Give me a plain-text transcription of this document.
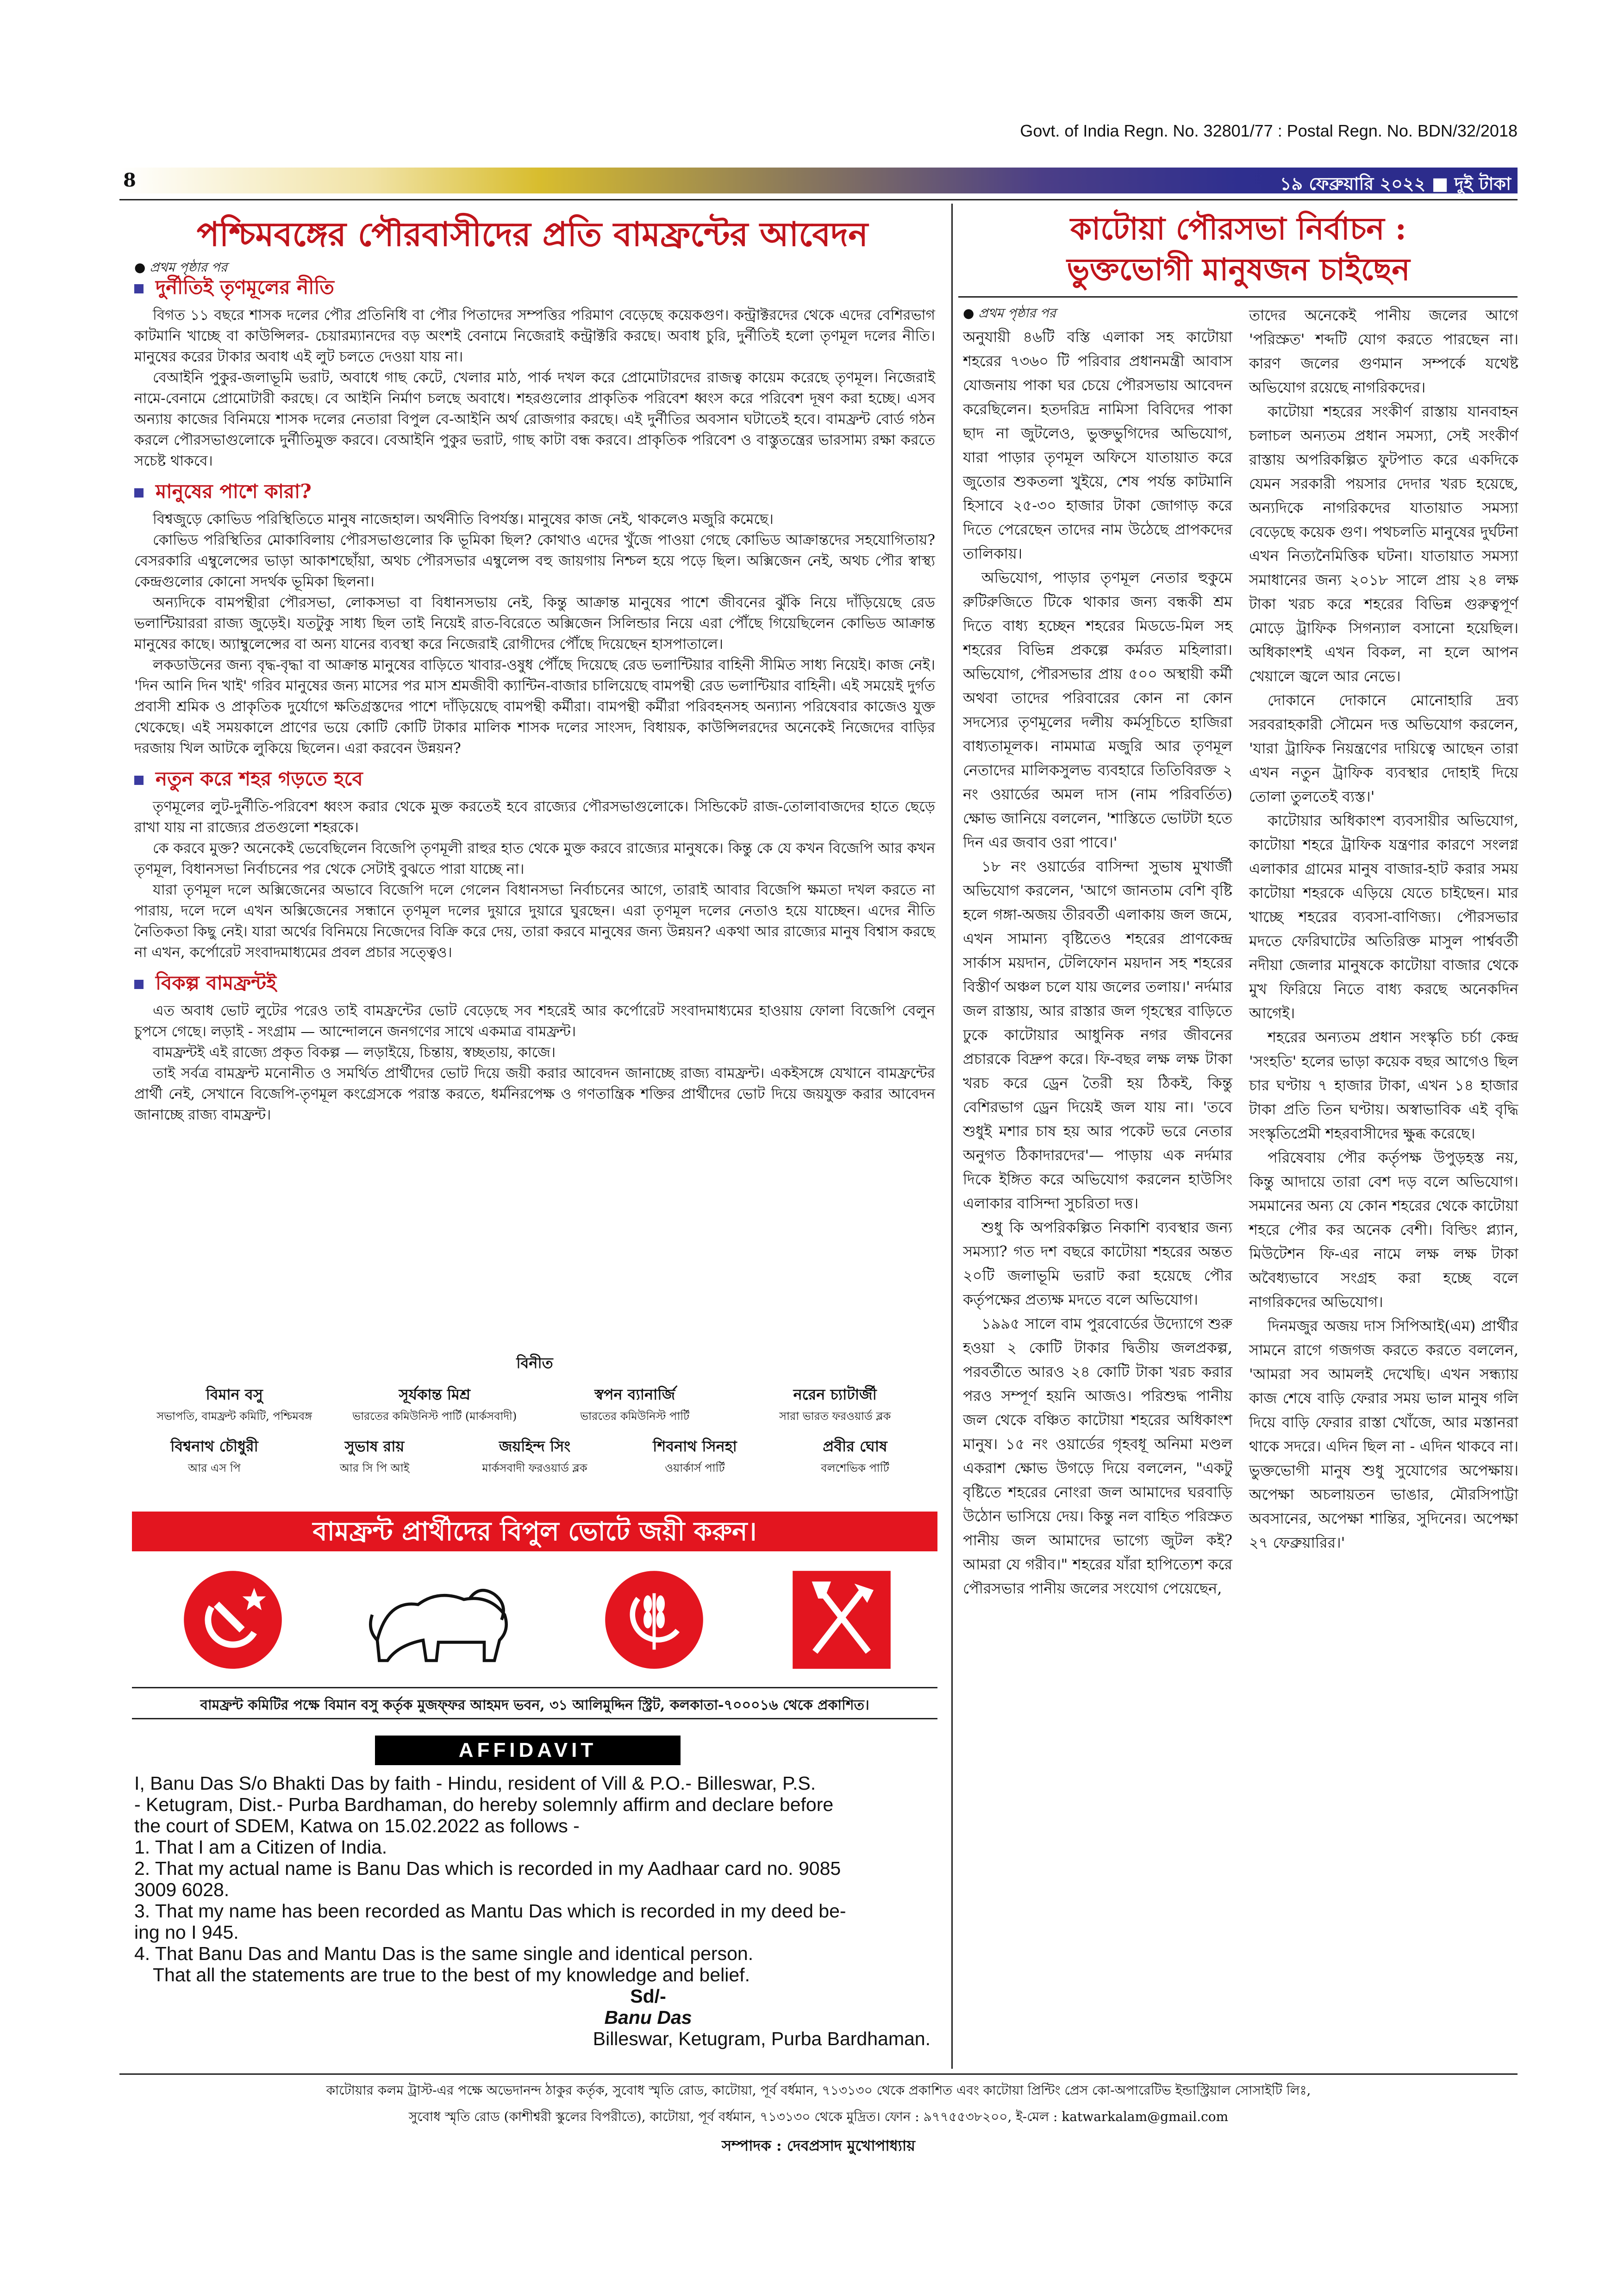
Govt. of India Regn. No. 32801/77 : Postal Regn. No. BDN/32/2018
8	১৯ ফেব্রুয়ারি ২০২২ ■ দুই টাকা
পশ্চিমবঙ্গের পৌরবাসীদের প্রতি বামফ্রন্টের আবেদন
● প্রথম পৃষ্ঠার পর
দুর্নীতিই তৃণমূলের নীতি
বিগত ১১ বছরে শাসক দলের পৌর প্রতিনিধি বা পৌর পিতাদের সম্পত্তির পরিমাণ বেড়েছে কয়েকগুণ। কন্ট্রাক্টরদের থেকে এদের বেশিরভাগ কাটমানি খাচ্ছে বা কাউন্সিলর- চেয়ারম্যানদের বড় অংশই বেনামে নিজেরাই কন্ট্রাক্টরি করছে। অবাধ চুরি, দুর্নীতিই হলো তৃণমূল দলের নীতি। মানুষের করের টাকার অবাধ এই লুট চলতে দেওয়া যায় না।
বেআইনি পুকুর-জলাভূমি ভরাট, অবাধে গাছ কেটে, খেলার মাঠ, পার্ক দখল করে প্রোমোটারদের রাজত্ব কায়েম করেছে তৃণমূল। নিজেরাই নামে-বেনামে প্রোমোটারী করছে। বে আইনি নির্মাণ চলছে অবাধে। শহরগুলোর প্রাকৃতিক পরিবেশ ধ্বংস করে পরিবেশ দূষণ করা হচ্ছে। এসব অন্যায় কাজের বিনিময়ে শাসক দলের নেতারা বিপুল বে-আইনি অর্থ রোজগার করছে। এই দুর্নীতির অবসান ঘটাতেই হবে। বামফ্রন্ট বোর্ড গঠন করলে পৌরসভাগুলোকে দুর্নীতিমুক্ত করবে। বেআইনি পুকুর ভরাট, গাছ কাটা বন্ধ করবে। প্রাকৃতিক পরিবেশ ও বাস্তুতন্ত্রের ভারসাম্য রক্ষা করতে সচেষ্ট থাকবে।
মানুষের পাশে কারা?
বিশ্বজুড়ে কোভিড পরিস্থিতিতে মানুষ নাজেহাল। অর্থনীতি বিপর্যস্ত। মানুষের কাজ নেই, থাকলেও মজুরি কমেছে।
কোভিড পরিস্থিতির মোকাবিলায় পৌরসভাগুলোর কি ভূমিকা ছিল? কোথাও এদের খুঁজে পাওয়া গেছে কোভিড আক্রান্তদের সহযোগিতায়? বেসরকারি এম্বুলেন্সের ভাড়া আকাশছোঁয়া, অথচ পৌরসভার এম্বুলেন্স বহু জায়গায় নিশ্চল হয়ে পড়ে ছিল। অক্সিজেন নেই, অথচ পৌর স্বাস্থ্য কেন্দ্রগুলোর কোনো সদর্থক ভূমিকা ছিলনা।
অন্যদিকে বামপন্থীরা পৌরসভা, লোকসভা বা বিধানসভায় নেই, কিন্তু আক্রান্ত মানুষের পাশে জীবনের ঝুঁকি নিয়ে দাঁড়িয়েছে রেড ভলান্টিয়াররা রাজ্য জুড়েই। যতটুকু সাধ্য ছিল তাই নিয়েই রাত-বিরেতে অক্সিজেন সিলিন্ডার নিয়ে এরা পৌঁছে গিয়েছিলেন কোভিড আক্রান্ত মানুষের কাছে। অ্যাম্বুলেন্সের বা অন্য যানের ব্যবস্থা করে নিজেরাই রোগীদের পৌঁছে দিয়েছেন হাসপাতালে।
লকডাউনের জন্য বৃদ্ধ-বৃদ্ধা বা আক্রান্ত মানুষের বাড়িতে খাবার-ওষুধ পৌঁছে দিয়েছে রেড ভলান্টিয়ার বাহিনী সীমিত সাধ্য নিয়েই। কাজ নেই। 'দিন আনি দিন খাই' গরিব মানুষের জন্য মাসের পর মাস শ্রমজীবী ক্যান্টিন-বাজার চালিয়েছে বামপন্থী রেড ভলান্টিয়ার বাহিনী। এই সময়েই দুর্গত প্রবাসী শ্রমিক ও প্রাকৃতিক দুর্যোগে ক্ষতিগ্রস্তদের পাশে দাঁড়িয়েছে বামপন্থী কর্মীরা। বামপন্থী কর্মীরা পরিবহনসহ অন্যান্য পরিষেবার কাজেও যুক্ত থেকেছে। এই সময়কালে প্রাণের ভয়ে কোটি কোটি টাকার মালিক শাসক দলের সাংসদ, বিধায়ক, কাউন্সিলরদের অনেকেই নিজেদের বাড়ির দরজায় খিল আটকে লুকিয়ে ছিলেন। এরা করবেন উন্নয়ন?
নতুন করে শহর গড়তে হবে
তৃণমূলের লুট-দুর্নীতি-পরিবেশ ধ্বংস করার থেকে মুক্ত করতেই হবে রাজ্যের পৌরসভাগুলোকে। সিন্ডিকেট রাজ-তোলাবাজদের হাতে ছেড়ে রাখা যায় না রাজ্যের প্রতগুলো শহরকে।
কে করবে মুক্ত? অনেকেই ভেবেছিলেন বিজেপি তৃণমূলী রাহুর হাত থেকে মুক্ত করবে রাজ্যের মানুষকে। কিন্তু কে যে কখন বিজেপি আর কখন তৃণমূল, বিধানসভা নির্বাচনের পর থেকে সেটাই বুঝতে পারা যাচ্ছে না।
যারা তৃণমূল দলে অক্সিজেনের অভাবে বিজেপি দলে গেলেন বিধানসভা নির্বাচনের আগে, তারাই আবার বিজেপি ক্ষমতা দখল করতে না পারায়, দলে দলে এখন অক্সিজেনের সন্ধানে তৃণমূল দলের দুয়ারে দুয়ারে ঘুরছেন। এরা তৃণমূল দলের নেতাও হয়ে যাচ্ছেন। এদের নীতি নৈতিকতা কিছু নেই। যারা অর্থের বিনিময়ে নিজেদের বিক্রি করে দেয়, তারা করবে মানুষের জন্য উন্নয়ন? একথা আর রাজ্যের মানুষ বিশ্বাস করছে না এখন, কর্পোরেট সংবাদমাধ্যমের প্রবল প্রচার সত্ত্বেও।
বিকল্প বামফ্রন্টই
এত অবাধ ভোট লুটের পরেও তাই বামফ্রন্টের ভোট বেড়েছে সব শহরেই আর কর্পোরেট সংবাদমাধ্যমের হাওয়ায় ফোলা বিজেপি বেলুন চুপসে গেছে। লড়াই - সংগ্রাম — আন্দোলনে জনগণের সাথে একমাত্র বামফ্রন্ট।
বামফ্রন্টই এই রাজ্যে প্রকৃত বিকল্প — লড়াইয়ে, চিন্তায়, স্বচ্ছতায়, কাজে।
তাই সর্বত্র বামফ্রন্ট মনোনীত ও সমর্থিত প্রার্থীদের ভোট দিয়ে জয়ী করার আবেদন জানাচ্ছে রাজ্য বামফ্রন্ট। একইসঙ্গে যেখানে বামফ্রন্টের প্রার্থী নেই, সেখানে বিজেপি-তৃণমূল কংগ্রেসকে পরাস্ত করতে, ধর্মনিরপেক্ষ ও গণতান্ত্রিক শক্তির প্রার্থীদের ভোট দিয়ে জয়যুক্ত করার আবেদন জানাচ্ছে রাজ্য বামফ্রন্ট।
বিনীত
বিমান বসু
সভাপতি, বামফ্রন্ট কমিটি, পশ্চিমবঙ্গ
সূর্যকান্ত মিশ্র
ভারতের কমিউনিস্ট পার্টি (মার্কসবাদী)
স্বপন ব্যানার্জি
ভারতের কমিউনিস্ট পার্টি
নরেন চ্যাটার্জী
সারা ভারত ফরওয়ার্ড ব্লক
বিশ্বনাথ চৌধুরী
আর এস পি
সুভাষ রায়
আর সি পি আই
জয়হিন্দ সিং
মার্কসবাদী ফরওয়ার্ড ব্লক
শিবনাথ সিনহা
ওয়ার্কার্স পার্টি
প্রবীর ঘোষ
বলশেভিক পার্টি
বামফ্রন্ট প্রার্থীদের বিপুল ভোটে জয়ী করুন।
বামফ্রন্ট কমিটির পক্ষে বিমান বসু কর্তৃক মুজফ্ফর আহমদ ভবন, ৩১ আলিমুদ্দিন স্ট্রিট, কলকাতা-৭০০০১৬ থেকে প্রকাশিত।
AFFIDAVIT
I, Banu Das S/o Bhakti Das by faith - Hindu, resident of Vill & P.O.- Billeswar, P.S.
- Ketugram, Dist.- Purba Bardhaman, do hereby solemnly affirm and declare before
the court of SDEM, Katwa on 15.02.2022 as follows -
1. That I am a Citizen of India.
2. That my actual name is Banu Das which is recorded in my Aadhaar card no. 9085
3009 6028.
3. That my name has been recorded as Mantu Das which is recorded in my deed be-
ing no I 945.
4. That Banu Das and Mantu Das is the same single and identical person.
That all the statements are true to the best of my knowledge and belief.
Sd/-
Banu Das
Billeswar, Ketugram, Purba Bardhaman.
কাটোয়া পৌরসভা নির্বাচন :
ভুক্তভোগী মানুষজন চাইছেন
● প্রথম পৃষ্ঠার পর
অনুযায়ী ৪৬টি বস্তি এলাকা সহ কাটোয়া শহরের ৭৩৬০ টি পরিবার প্রধানমন্ত্রী আবাস যোজনায় পাকা ঘর চেয়ে পৌরসভায় আবেদন করেছিলেন। হতদরিদ্র নামিসা বিবিদের পাকা ছাদ না জুটলেও, ভুক্তভুগিদের অভিযোগ, যারা পাড়ার তৃণমূল অফিসে যাতায়াত করে জুতোর শুকতলা খুইয়ে, শেষ পর্যন্ত কাটমানি হিসাবে ২৫-৩০ হাজার টাকা জোগাড় করে দিতে পেরেছেন তাদের নাম উঠেছে প্রাপকদের তালিকায়।
অভিযোগ, পাড়ার তৃণমূল নেতার হুকুমে রুটিরুজিতে টিকে থাকার জন্য বন্ধকী শ্রম দিতে বাধ্য হচ্ছেন শহরের মিডডে-মিল সহ শহরের বিভিন্ন প্রকল্পে কর্মরত মহিলারা। অভিযোগ, পৌরসভার প্রায় ৫০০ অস্থায়ী কর্মী অথবা তাদের পরিবারের কোন না কোন সদস্যের তৃণমূলের দলীয় কর্মসূচিতে হাজিরা বাধ্যতামূলক। নামমাত্র মজুরি আর তৃণমূল নেতাদের মালিকসুলভ ব্যবহারে তিতিবিরক্ত ২ নং ওয়ার্ডের অমল দাস (নাম পরিবর্তিত) ক্ষোভ জানিয়ে বললেন, 'শাস্তিতে ভোটটা হতে দিন এর জবাব ওরা পাবে।'
১৮ নং ওয়ার্ডের বাসিন্দা সুভাষ মুখার্জী অভিযোগ করলেন, 'আগে জানতাম বেশি বৃষ্টি হলে গঙ্গা-অজয় তীরবর্তী এলাকায় জল জমে, এখন সামান্য বৃষ্টিতেও শহরের প্রাণকেন্দ্র সার্কাস ময়দান, টেলিফোন ময়দান সহ শহরের বিস্তীর্ণ অঞ্চল চলে যায় জলের তলায়।' নর্দমার জল রাস্তায়, আর রাস্তার জল গৃহস্থের বাড়িতে ঢুকে কাটোয়ার আধুনিক নগর জীবনের প্রচারকে বিদ্রুপ করে। ফি-বছর লক্ষ লক্ষ টাকা খরচ করে ড্রেন তৈরী হয় ঠিকই, কিন্তু বেশিরভাগ ড্রেন দিয়েই জল যায় না। 'তবে শুধুই মশার চাষ হয় আর পকেট ভরে নেতার অনুগত ঠিকাদারদের'— পাড়ায় এক নর্দমার দিকে ইঙ্গিত করে অভিযোগ করলেন হাউসিং এলাকার বাসিন্দা সুচরিতা দত্ত।
শুধু কি অপরিকল্পিত নিকাশি ব্যবস্থার জন্য সমস্যা? গত দশ বছরে কাটোয়া শহরের অন্তত ২০টি জলাভূমি ভরাট করা হয়েছে পৌর কর্তৃপক্ষের প্রত্যক্ষ মদতে বলে অভিযোগ।
১৯৯৫ সালে বাম পুরবোর্ডের উদ্যোগে শুরু হওয়া ২ কোটি টাকার দ্বিতীয় জলপ্রকল্প, পরবর্তীতে আরও ২৪ কোটি টাকা খরচ করার পরও সম্পূর্ণ হয়নি আজও। পরিশুদ্ধ পানীয় জল থেকে বঞ্চিত কাটোয়া শহরের অধিকাংশ মানুষ। ১৫ নং ওয়ার্ডের গৃহবধূ অনিমা মণ্ডল একরাশ ক্ষোভ উগড়ে দিয়ে বললেন, "একটু বৃষ্টিতে শহরের নোংরা জল আমাদের ঘরবাড়ি উঠোন ভাসিয়ে দেয়। কিন্তু নল বাহিত পরিস্রুত পানীয় জল আমাদের ভাগ্যে জুটল কই? আমরা যে গরীব।" শহরের যাঁরা হাপিত্যেশ করে পৌরসভার পানীয় জলের সংযোগ পেয়েছেন,
তাদের অনেকেই পানীয় জলের আগে 'পরিস্রুত' শব্দটি যোগ করতে পারছেন না। কারণ জলের গুণমান সম্পর্কে যথেষ্ট অভিযোগ রয়েছে নাগরিকদের।
কাটোয়া শহরের সংকীর্ণ রাস্তায় যানবাহন চলাচল অন্যতম প্রধান সমস্যা, সেই সংকীর্ণ রাস্তায় অপরিকল্পিত ফুটপাত করে একদিকে যেমন সরকারী পয়সার দেদার খরচ হয়েছে, অন্যদিকে নাগরিকদের যাতায়াত সমস্যা বেড়েছে কয়েক গুণ। পথচলতি মানুষের দুর্ঘটনা এখন নিত্যনৈমিত্তিক ঘটনা। যাতায়াত সমস্যা সমাধানের জন্য ২০১৮ সালে প্রায় ২৪ লক্ষ টাকা খরচ করে শহরের বিভিন্ন গুরুত্বপূর্ণ মোড়ে ট্রাফিক সিগন্যাল বসানো হয়েছিল। অধিকাংশই এখন বিকল, না হলে আপন খেয়ালে জ্বলে আর নেভে।
দোকানে দোকানে মোনোহারি দ্রব্য সরবরাহকারী সৌমেন দত্ত অভিযোগ করলেন, 'যারা ট্রাফিক নিয়ন্ত্রণের দায়িত্বে আছেন তারা এখন নতুন ট্রাফিক ব্যবস্থার দোহাই দিয়ে তোলা তুলতেই ব্যস্ত।'
কাটোয়ার অধিকাংশ ব্যবসায়ীর অভিযোগ, কাটোয়া শহরে ট্রাফিক যন্ত্রণার কারণে সংলগ্ন এলাকার গ্রামের মানুষ বাজার-হাট করার সময় কাটোয়া শহরকে এড়িয়ে যেতে চাইছেন। মার খাচ্ছে শহরের ব্যবসা-বাণিজ্য। পৌরসভার মদতে ফেরিঘাটের অতিরিক্ত মাসুল পার্শ্ববর্তী নদীয়া জেলার মানুষকে কাটোয়া বাজার থেকে মুখ ফিরিয়ে নিতে বাধ্য করছে অনেকদিন আগেই।
শহরের অন্যতম প্রধান সংস্কৃতি চর্চা কেন্দ্র 'সংহতি' হলের ভাড়া কয়েক বছর আগেও ছিল চার ঘণ্টায় ৭ হাজার টাকা, এখন ১৪ হাজার টাকা প্রতি তিন ঘণ্টায়। অস্বাভাবিক এই বৃদ্ধি সংস্কৃতিপ্রেমী শহরবাসীদের ক্ষুব্ধ করেছে।
পরিষেবায় পৌর কর্তৃপক্ষ উপুড়হস্ত নয়, কিন্তু আদায়ে তারা বেশ দড় বলে অভিযোগ। সমমানের অন্য যে কোন শহরের থেকে কাটোয়া শহরে পৌর কর অনেক বেশী। বিল্ডিং প্ল্যান, মিউটেশন ফি-এর নামে লক্ষ লক্ষ টাকা অবৈধ্যভাবে সংগ্রহ করা হচ্ছে বলে নাগরিকদের অভিযোগ।
দিনমজুর অজয় দাস সিপিআই(এম) প্রার্থীর সামনে রাগে গজগজ করতে করতে বললেন, 'আমরা সব আমলই দেখেছি। এখন সন্ধ্যায় কাজ শেষে বাড়ি ফেরার সময় ভাল মানুষ গলি দিয়ে বাড়ি ফেরার রাস্তা খোঁজে, আর মস্তানরা থাকে সদরে। এদিন ছিল না - এদিন থাকবে না। ভুক্তভোগী মানুষ শুধু সুযোগের অপেক্ষায়। অপেক্ষা অচলায়তন ভাঙার, মৌরসিপাট্টা অবসানের, অপেক্ষা শান্তির, সুদিনের। অপেক্ষা ২৭ ফেব্রুয়ারির।'
কাটোয়ার কলম ট্রাস্ট-এর পক্ষে অভেদানন্দ ঠাকুর কর্তৃক, সুবোধ স্মৃতি রোড, কাটোয়া, পূর্ব বর্ধমান, ৭১৩১৩০ থেকে প্রকাশিত এবং কাটোয়া প্রিন্টিং প্রেস কো-অপারেটিভ ইন্ডাস্ট্রিয়াল সোসাইটি লিঃ,
সুবোধ স্মৃতি রোড (কাশীশ্বরী স্কুলের বিপরীতে), কাটোয়া, পূর্ব বর্ধমান, ৭১৩১৩০ থেকে মুদ্রিত। ফোন : ৯৭৭৫৫৩৮২০০, ই-মেল : katwarkalam@gmail.com
সম্পাদক : দেবপ্রসাদ মুখোপাধ্যায়
